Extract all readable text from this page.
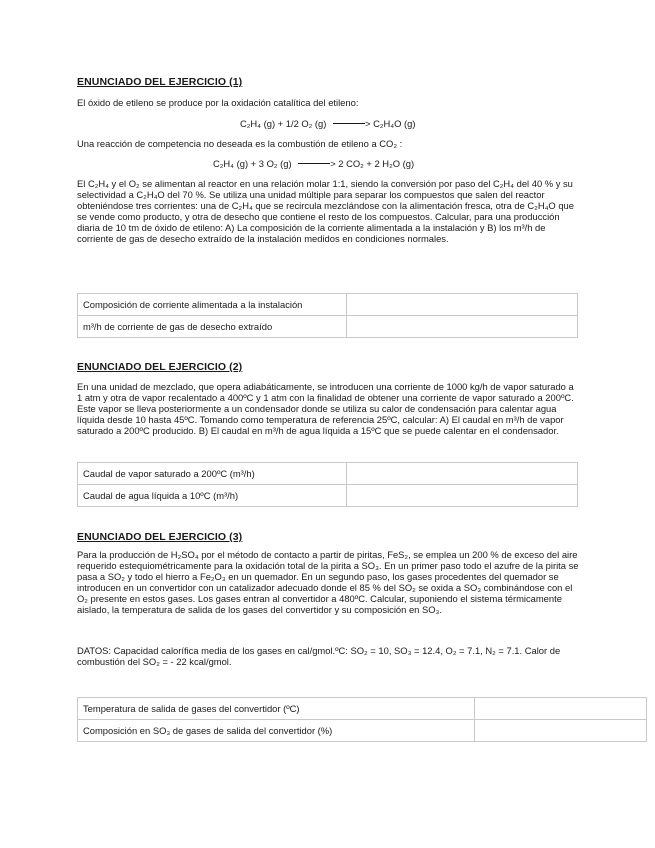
ENUNCIADO DEL EJERCICIO (1)

El óxido de etileno se produce por la oxidación catalítica del etileno:

C₂H₄ (g) + 1/2 O₂ (g)	> C₂H₄O (g)

Una reacción de competencia no deseada es la combustión de etileno a CO₂ :

C₂H₄ (g) + 3 O₂ (g)	> 2 CO₂ + 2 H₂O (g)

El C₂H₄ y el O₂ se alimentan al reactor en una relación molar 1:1, siendo la conversión por paso del C₂H₄ del 40 % y su selectividad a C₂H₄O del 70 %. Se utiliza una unidad múltiple para separar los compuestos que salen del reactor obteniéndose tres corrientes: una de C₂H₄ que se recircula mezclándose con la alimentación fresca, otra de C₂H₄O que se vende como producto, y otra de desecho que contiene el resto de los compuestos. Calcular, para una producción diaria de 10 tm de óxido de etileno: A) La composición de la corriente alimentada a la instalación y B) los m³/h de corriente de gas de desecho extraído de la instalación medidos en condiciones normales.

Composición de corriente alimentada a la instalación	
m³/h de corriente de gas de desecho extraído	
ENUNCIADO DEL EJERCICIO (2)

En una unidad de mezclado, que opera adiabáticamente, se introducen una corriente de 1000 kg/h de vapor saturado a 1 atm y otra de vapor recalentado a 400ºC y 1 atm con la finalidad de obtener una corriente de vapor saturado a 200ºC. Este vapor se lleva posteriormente a un condensador donde se utiliza su calor de condensación para calentar agua líquida desde 10 hasta 45ºC. Tomando como temperatura de referencia 25ºC, calcular: A) El caudal en m³/h de vapor saturado a 200ºC producido. B) El caudal en m³/h de agua líquida a 15ºC que se puede calentar en el condensador.

Caudal de vapor saturado a 200ºC (m³/h)	
Caudal de agua líquida a 10ºC (m³/h)	
ENUNCIADO DEL EJERCICIO (3)

Para la producción de H₂SO₄ por el método de contacto a partir de piritas, FeS₂, se emplea un 200 % de exceso del aire requerido estequiométricamente para la oxidación total de la pirita a SO₃. En un primer paso todo el azufre de la pirita se pasa a SO₂ y todo el hierro a Fe₂O₃ en un quemador. En un segundo paso, los gases procedentes del quemador se introducen en un convertidor con un catalizador adecuado donde el 85 % del SO₂ se oxida a SO₃ combinándose con el O₂ presente en estos gases. Los gases entran al convertidor a 480ºC. Calcular, suponiendo el sistema térmicamente aislado, la temperatura de salida de los gases del convertidor y su composición en SO₃.

DATOS: Capacidad calorífica media de los gases en cal/gmol.ºC: SO₂ = 10, SO₃ = 12.4, O₂ = 7.1, N₂ = 7.1. Calor de combustión del SO₂ = - 22 kcal/gmol.

Temperatura de salida de gases del convertidor (ºC)	
Composición en SO₃ de gases de salida del convertidor (%)	
